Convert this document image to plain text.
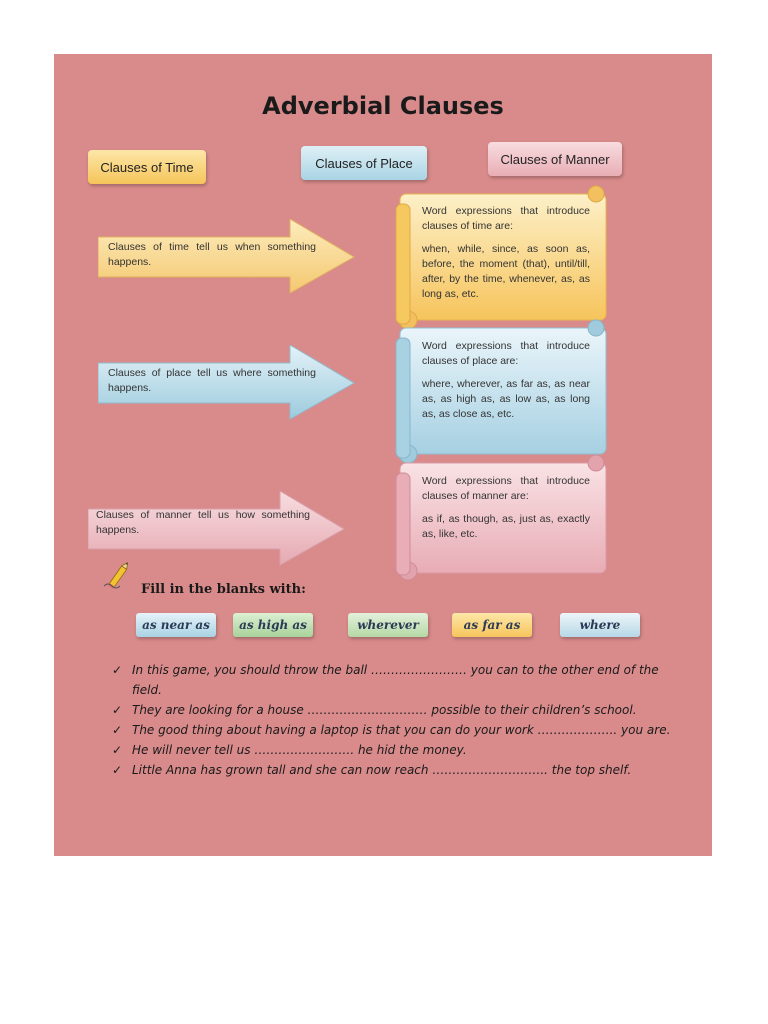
Adverbial Clauses
Clauses of Time	Clauses of Place	Clauses of Manner
Clauses of time tell us when something happens.
Clauses of place tell us where something happens.
Clauses of manner tell us how something happens.

Word expressions that introduce clauses of time are:

when, while, since, as soon as, before, the moment (that), until/till, after, by the time, whenever, as, as long as, etc.

Word expressions that introduce clauses of place are:

where, wherever, as far as, as near as, as high as, as low as, as long as, as close as, etc.

Word expressions that introduce clauses of manner are:

as if, as though, as, just as, exactly as, like, etc.

Fill in the blanks with:
as near as	as high as	wherever	as far as	where
✓ In this game, you should throw the ball …………………… you can to the other end of the field.
✓ They are looking for a house ………………………… possible to their children’s school.
✓ The good thing about having a laptop is that you can do your work ……………….. you are.
✓ He will never tell us ……………………. he hid the money.
✓ Little Anna has grown tall and she can now reach ……………………….. the top shelf.
